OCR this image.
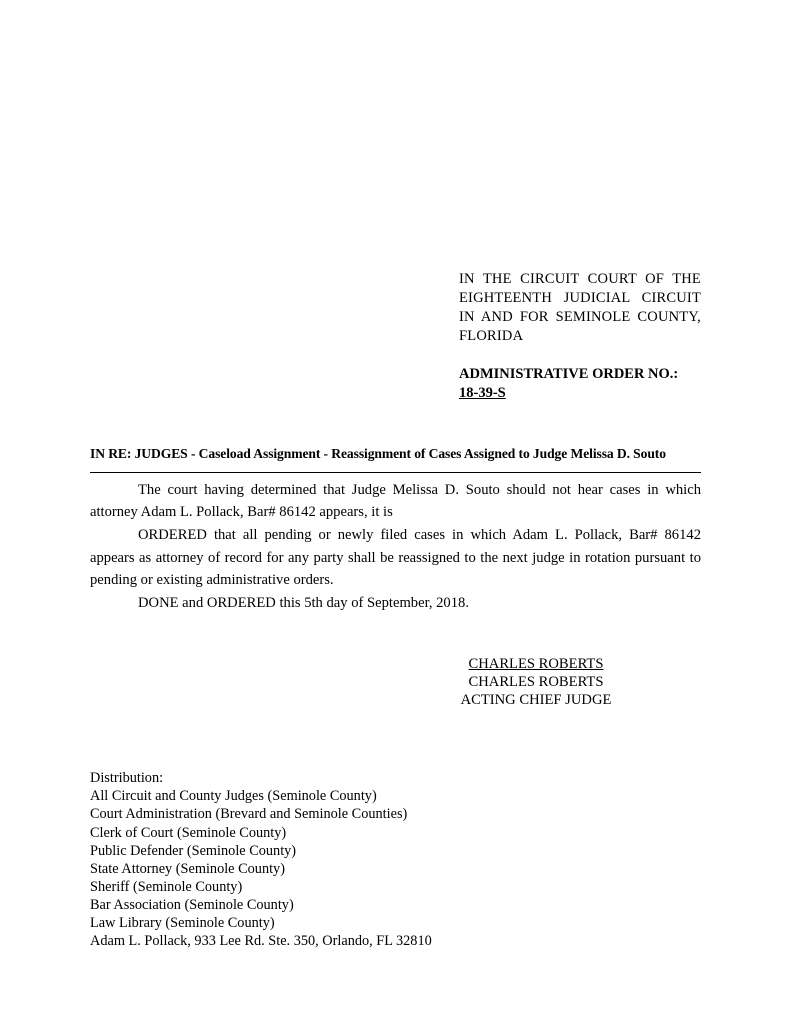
IN THE CIRCUIT COURT OF THE
EIGHTEENTH JUDICIAL CIRCUIT
IN AND FOR SEMINOLE COUNTY,
FLORIDA
ADMINISTRATIVE ORDER NO.:
18-39-S
IN RE: JUDGES - Caseload Assignment - Reassignment of Cases Assigned to Judge Melissa D. Souto

The court having determined that Judge Melissa D. Souto should not hear cases in which attorney Adam L. Pollack, Bar# 86142 appears, it is

ORDERED that all pending or newly filed cases in which Adam L. Pollack, Bar# 86142 appears as attorney of record for any party shall be reassigned to the next judge in rotation pursuant to pending or existing administrative orders.

DONE and ORDERED this 5th day of September, 2018.

CHARLES ROBERTS
CHARLES ROBERTS
ACTING CHIEF JUDGE
Distribution:
All Circuit and County Judges (Seminole County)
Court Administration (Brevard and Seminole Counties)
Clerk of Court (Seminole County)
Public Defender (Seminole County)
State Attorney (Seminole County)
Sheriff (Seminole County)
Bar Association (Seminole County)
Law Library (Seminole County)
Adam L. Pollack, 933 Lee Rd. Ste. 350, Orlando, FL 32810
